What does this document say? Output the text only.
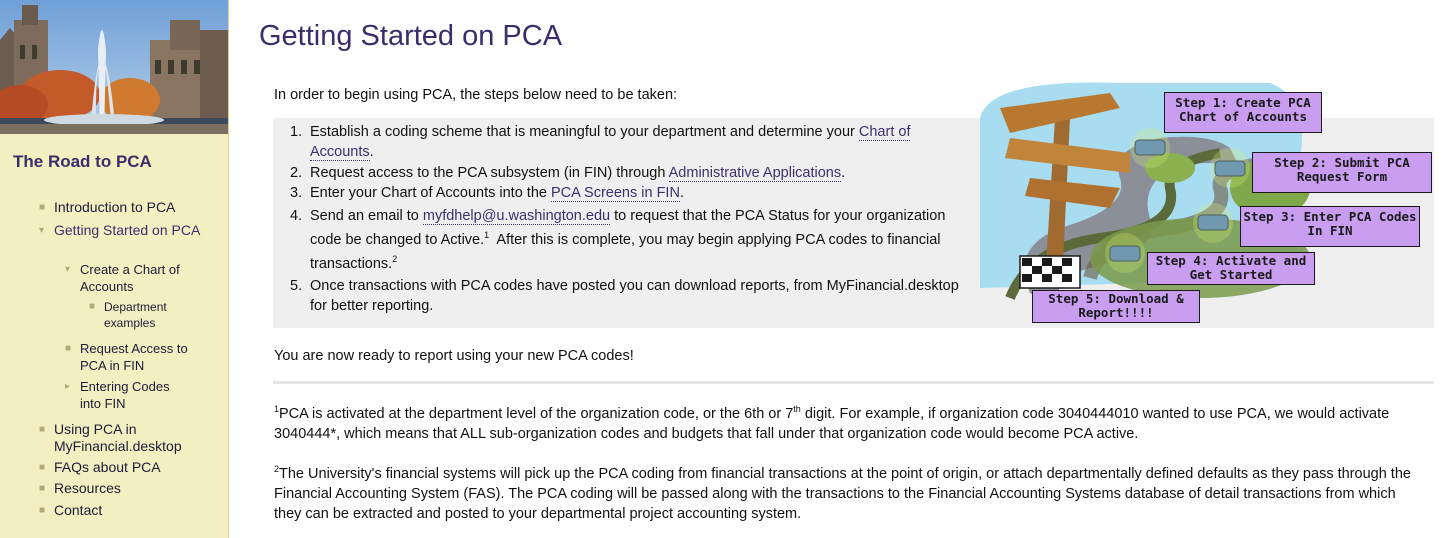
The Road to PCA
■ Introduction to PCA
▾ Getting Started on PCA
▾ Create a Chart of Accounts
■ Department examples
■ Request Access to PCA in FIN
▸ Entering Codes into FIN
■ Using PCA in MyFinancial.desktop
■ FAQs about PCA
■ Resources
■ Contact
Getting Started on PCA

In order to begin using PCA, the steps below need to be taken:

1. Establish a coding scheme that is meaningful to your department and determine your Chart of Accounts.
2. Request access to the PCA subsystem (in FIN) through Administrative Applications.
3. Enter your Chart of Accounts into the PCA Screens in FIN.
4. Send an email to myfdhelp@u.washington.edu to request that the PCA Status for your organization code be changed to Active.$^1$  After this is complete, you may begin applying PCA codes to financial transactions.$^2$
5. Once transactions with PCA codes have posted you can download reports, from MyFinancial.desktop for better reporting.
Step 1: Create PCA Chart of Accounts
Step 2: Submit PCA Request Form
Step 3: Enter PCA Codes In FIN
Step 4: Activate and Get Started
Step 5: Download & Report!!!!

You are now ready to report using your new PCA codes!

$^1$PCA is activated at the department level of the organization code, or the 6th or 7th digit. For example, if organization code 3040444010 wanted to use PCA, we would activate 3040444*, which means that ALL sub-organization codes and budgets that fall under that organization code would become PCA active.

$^2$The University's financial systems will pick up the PCA coding from financial transactions at the point of origin, or attach departmentally defined defaults as they pass through the Financial Accounting System (FAS). The PCA coding will be passed along with the transactions to the Financial Accounting Systems database of detail transactions from which they can be extracted and posted to your departmental project accounting system.
